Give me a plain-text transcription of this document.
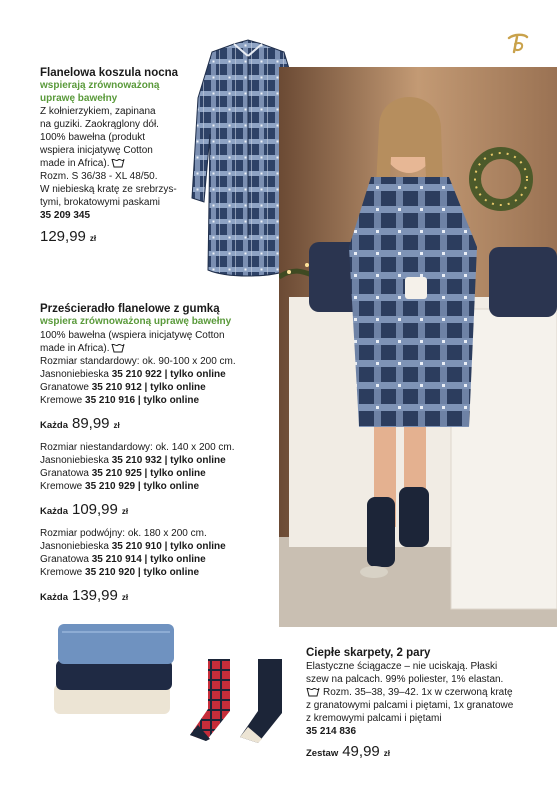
Flanelowa koszula nocna
wspierają zrównoważoną
uprawę bawełny
Z kołnierzykiem, zapinana
na guziki. Zaokrąglony dół.
100% bawełna (produkt
wspiera inicjatywę Cotton
made in Africa).
Rozm. S 36/38 - XL 48/50.
W niebieską kratę ze srebrzys-
tymi, brokatowymi paskami
35 209 345
129,99 zł
Prześcieradło flanelowe z gumką
wspiera zrównoważoną uprawę bawełny
100% bawełna (wspiera inicjatywę Cotton
made in Africa).
Rozmiar standardowy: ok. 90-100 x 200 cm.
Jasnoniebieska 35 210 922 | tylko online
Granatowe 35 210 912 | tylko online
Kremowe 35 210 916 | tylko online
Każda 89,99 zł
Rozmiar niestandardowy: ok. 140 x 200 cm.
Jasnoniebieska 35 210 932 | tylko online
Granatowa 35 210 925 | tylko online
Kremowe 35 210 929 | tylko online
Każda 109,99 zł
Rozmiar podwójny: ok. 180 x 200 cm.
Jasnoniebieska 35 210 910 | tylko online
Granatowa 35 210 914 | tylko online
Kremowe 35 210 920 | tylko online
Każda 139,99 zł
Ciepłe skarpety, 2 pary
Elastyczne ściągacze – nie uciskają. Płaski
szew na palcach. 99% poliester, 1% elastan.
Rozm. 35–38, 39–42. 1x w czerwoną kratę
z granatowymi palcami i piętami, 1x granatowe
z kremowymi palcami i piętami
35 214 836
Zestaw 49,99 zł
